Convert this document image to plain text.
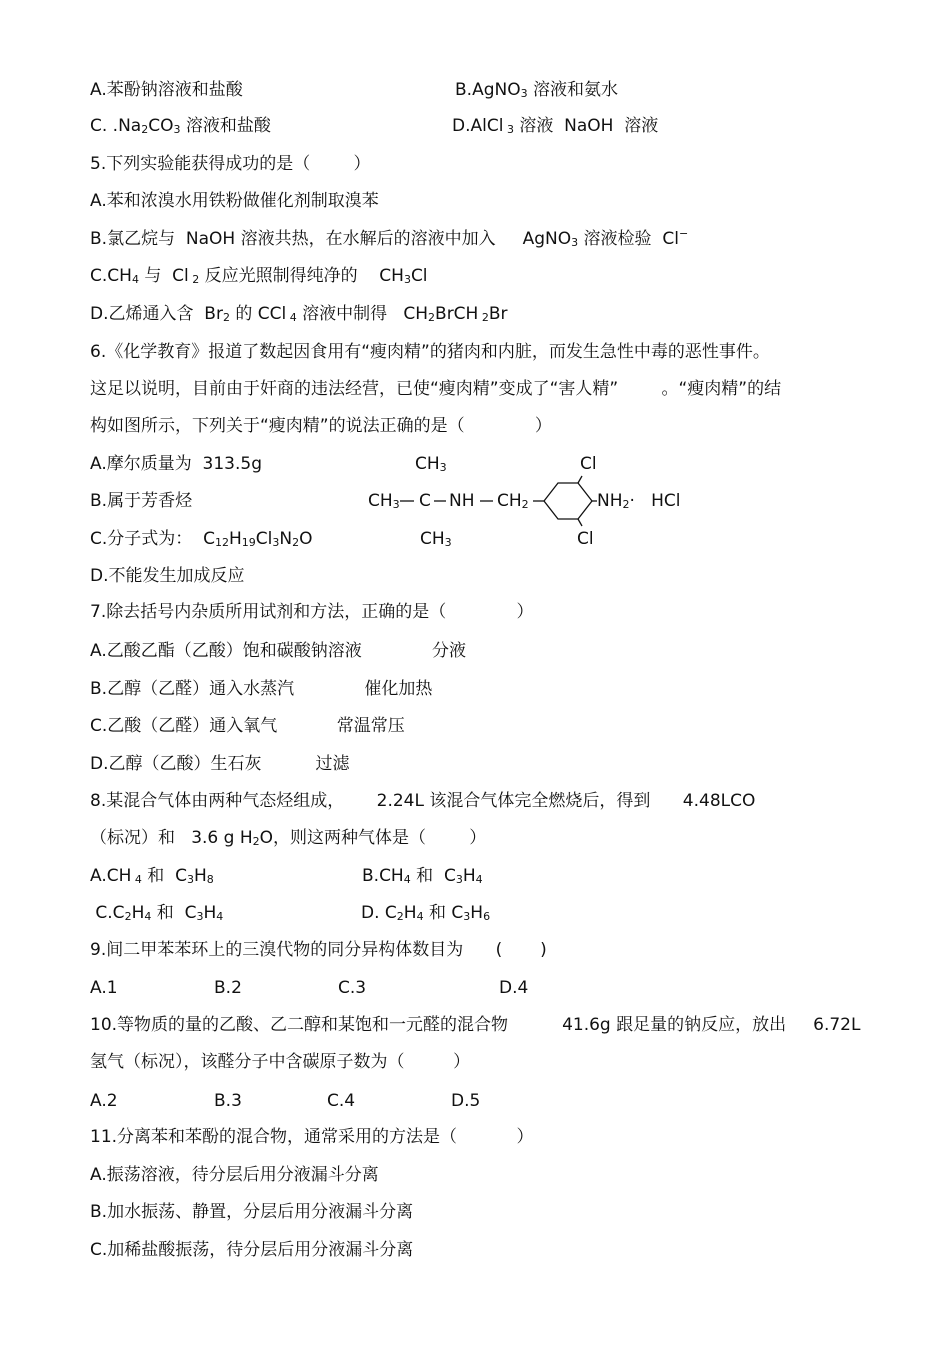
A.苯酚钠溶液和盐酸	B.AgNO$_3$ 溶液和氨水
C. $.Na_2CO_3$ 溶液和盐酸	D.AlCl $_3$ 溶液  NaOH  溶液
5.下列实验能获得成功的是（        ）
A.苯和浓溴水用铁粉做催化剂制取溴苯
B.氯乙烷与  NaOH 溶液共热，在水解后的溶液中加入     AgNO$_3$ 溶液检验  Cl−
$C.CH_4$ 与  Cl $_2$ 反应光照制得纯净的    $CH_3Cl$
D.乙烯通入含  $Br_2$ 的 CCl $_4$ 溶液中制得   $CH_2BrCH$ $_2$Br
6.《化学教育》报道了数起因食用有“瘦肉精”的猪肉和内脏，而发生急性中毒的恶性事件。
这足以说明，目前由于奸商的违法经营，已使“瘦肉精”变成了“害人精”        。“瘦肉精”的结
构如图所示，下列关于“瘦肉精”的说法正确的是（             ）
A.摩尔质量为  313.5g
B.属于芳香烃
C.分子式为：  $C_{12}H_{19}Cl_3N_2O$
D.不能发生加成反应
$CH_3$	Cl
$CH_3$ C NH $CH_2$	$NH_2\cdot$   HCl
$CH_3$	Cl
7.除去括号内杂质所用试剂和方法，正确的是（             ）
A.乙酸乙酯（乙酸）饱和碳酸钠溶液             分液
B.乙醇（乙醛）通入水蒸汽             催化加热
C.乙酸（乙醛）通入氧气           常温常压
D.乙醇（乙酸）生石灰          过滤
8.某混合气体由两种气态烃组成，      2.24L 该混合气体完全燃烧后，得到      4.48LCO
（标况）和   3.6 g $H_2O$，则这两种气体是（        ）
A.CH $_4$ 和  $C_3H_8$	$B.CH_4$ 和  $C_3H_4$
$C.C_2H_4$ 和  $C_3H_4$	D. $C_2H_4$ 和 $C_3H_6$
9.间二甲苯苯环上的三溴代物的同分异构体数目为      (       )
A.1	B.2	C.3	D.4
10.等物质的量的乙酸、乙二醇和某饱和一元醛的混合物          41.6g 跟足量的钠反应，放出     6.72L
氢气（标况），该醛分子中含碳原子数为（         ）
A.2	B.3	C.4	D.5
11.分离苯和苯酚的混合物，通常采用的方法是（           ）
A.振荡溶液，待分层后用分液漏斗分离
B.加水振荡、静置，分层后用分液漏斗分离
C.加稀盐酸振荡，待分层后用分液漏斗分离
